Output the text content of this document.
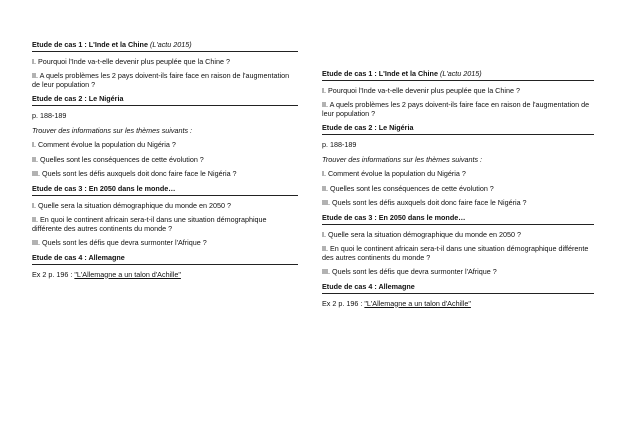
Etude de cas 1 : L'Inde et la Chine (L'actu 2015)
I. Pourquoi l'Inde va-t-elle devenir plus peuplée que la Chine ?
II. A quels problèmes les 2 pays doivent-ils faire face en raison de l'augmentation de leur population ?
Etude de cas 2 : Le Nigéria
p. 188-189
Trouver des informations sur les thèmes suivants :
I. Comment évolue la population du Nigéria ?
II. Quelles sont les conséquences de cette évolution ?
III. Quels sont les défis auxquels doit donc faire face le Nigéria ?
Etude de cas 3 : En 2050 dans le monde…
I. Quelle sera la situation démographique du monde en 2050 ?
II. En quoi le continent africain sera-t-il dans une situation démographique différente des autres continents du monde ?
III. Quels sont les défis que devra surmonter l'Afrique ?
Etude de cas 4 : Allemagne
Ex 2 p. 196 : "L'Allemagne a un talon d'Achille"
Etude de cas 1 : L'Inde et la Chine (L'actu 2015)
I. Pourquoi l'Inde va-t-elle devenir plus peuplée que la Chine ?
II. A quels problèmes les 2 pays doivent-ils faire face en raison de l'augmentation de leur population ?
Etude de cas 2 : Le Nigéria
p. 188-189
Trouver des informations sur les thèmes suivants :
I. Comment évolue la population du Nigéria ?
II. Quelles sont les conséquences de cette évolution ?
III. Quels sont les défis auxquels doit donc faire face le Nigéria ?
Etude de cas 3 : En 2050 dans le monde…
I. Quelle sera la situation démographique du monde en 2050 ?
II. En quoi le continent africain sera-t-il dans une situation démographique différente des autres continents du monde ?
III. Quels sont les défis que devra surmonter l'Afrique ?
Etude de cas 4 : Allemagne
Ex 2 p. 196 : "L'Allemagne a un talon d'Achille"
